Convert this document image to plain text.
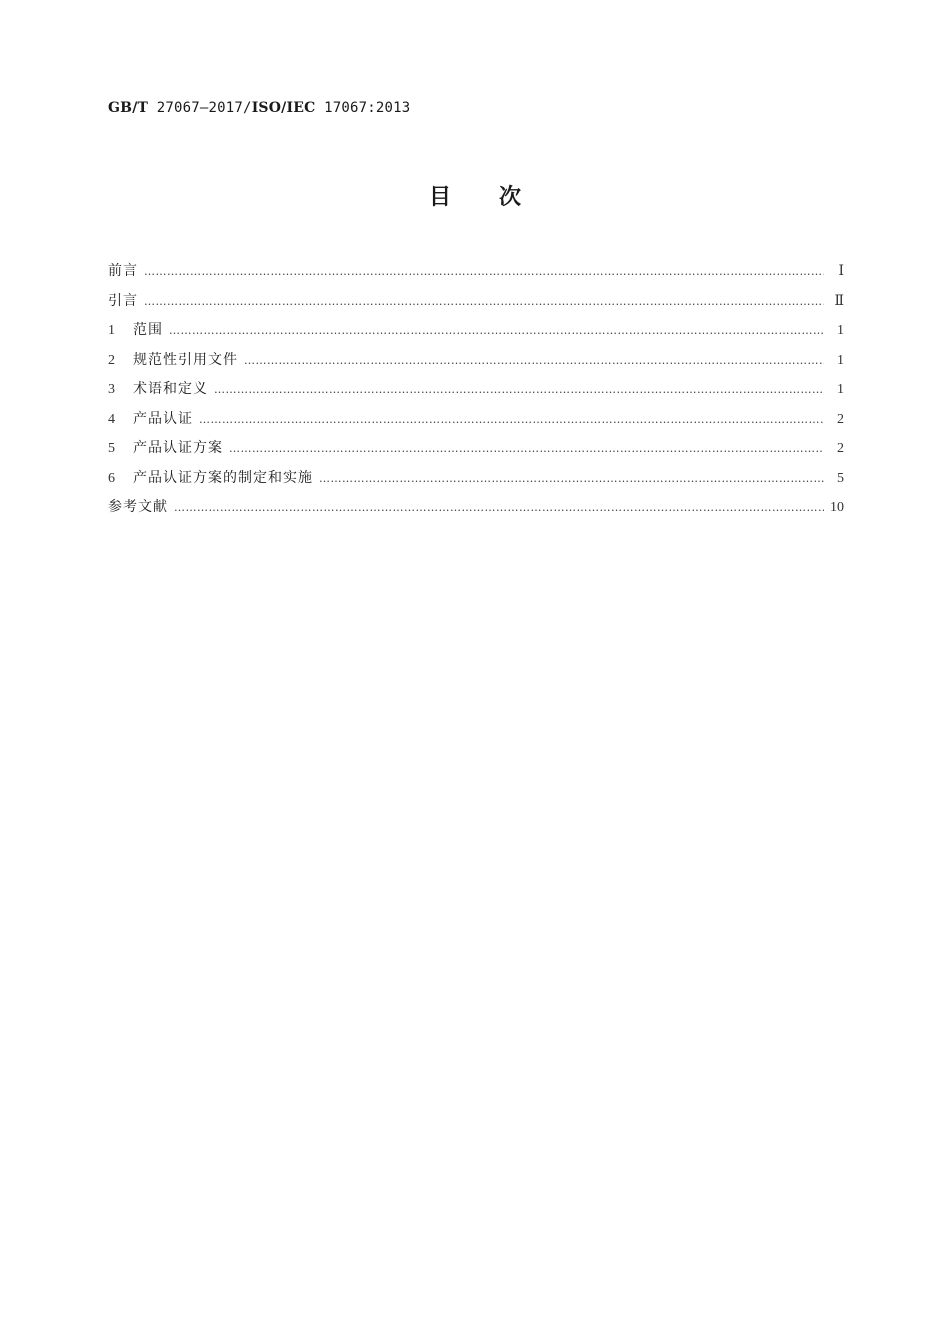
GB/T 27067—2017/ISO/IEC 17067:2013
目次
前言 ……………………………………………………………………………………………………………………………………………………………………………………………………………………………………	Ⅰ
引言 ……………………………………………………………………………………………………………………………………………………………………………………………………………………………………	Ⅱ
1	范围 ……………………………………………………………………………………………………………………………………………………………………………………………………………………………………	1
2	规范性引用文件 ……………………………………………………………………………………………………………………………………………………………………………………………………………………………………	1
3	术语和定义 ……………………………………………………………………………………………………………………………………………………………………………………………………………………………………	1
4	产品认证 ……………………………………………………………………………………………………………………………………………………………………………………………………………………………………	2
5	产品认证方案 ……………………………………………………………………………………………………………………………………………………………………………………………………………………………………	2
6	产品认证方案的制定和实施 ……………………………………………………………………………………………………………………………………………………………………………………………………………………………………	5
参考文献 ……………………………………………………………………………………………………………………………………………………………………………………………………………………………………	10
